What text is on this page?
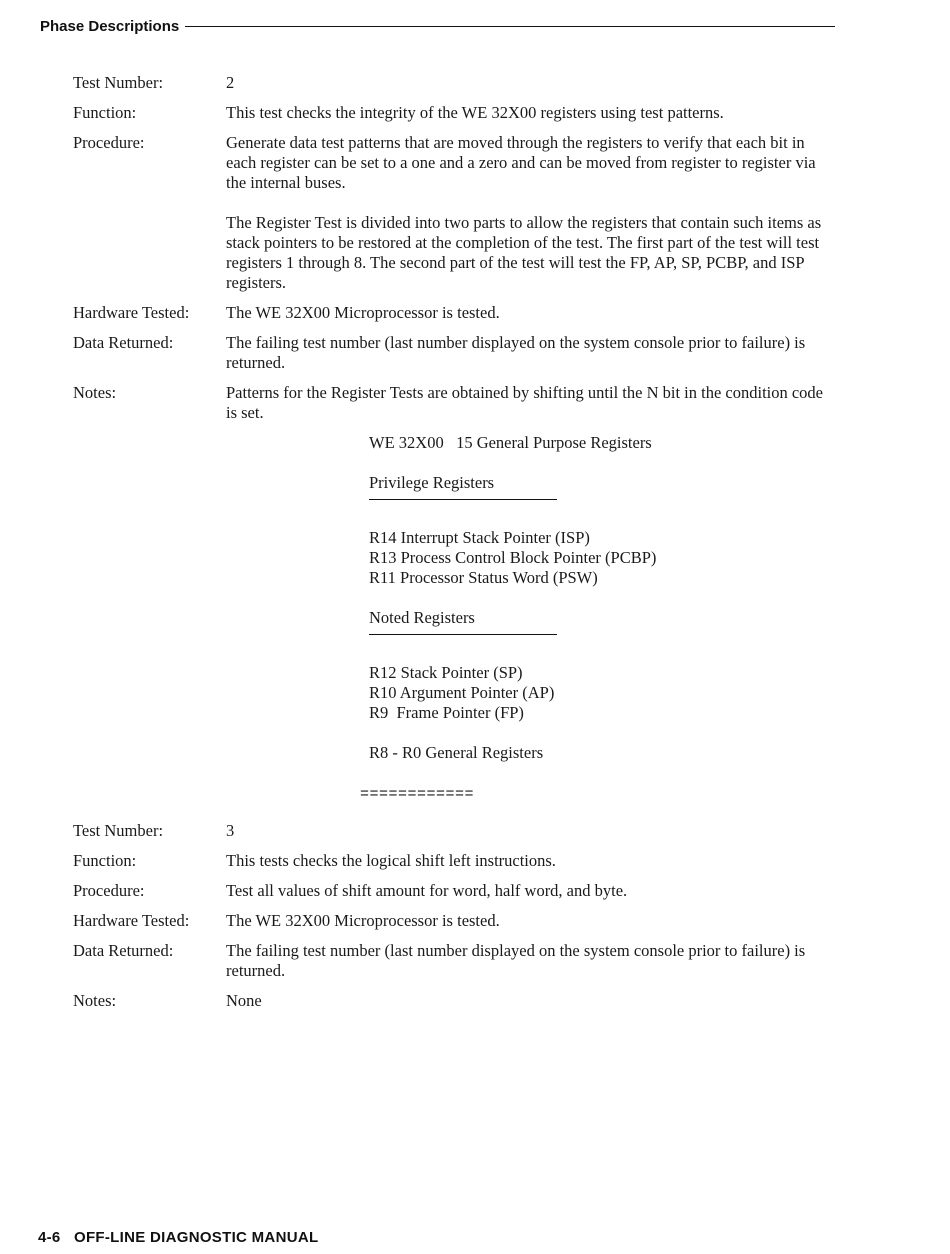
Phase Descriptions
Test Number:	2
Function:	This test checks the integrity of the WE 32X00 registers using test patterns.
Procedure:	Generate data test patterns that are moved through the registers to verify that each bit in each register can be set to a one and a zero and can be moved from register to register via the internal buses.

The Register Test is divided into two parts to allow the registers that contain such items as stack pointers to be restored at the completion of the test. The first part of the test will test registers 1 through 8. The second part of the test will test the FP, AP, SP, PCBP, and ISP registers.

Hardware Tested:	The WE 32X00 Microprocessor is tested.
Data Returned:	The failing test number (last number displayed on the system console prior to failure) is returned.
Notes:	Patterns for the Register Tests are obtained by shifting until the N bit in the condition code is set.
WE 32X00   15 General Purpose Registers
Privilege Registers
R14 Interrupt Stack Pointer (ISP)
R13 Process Control Block Pointer (PCBP)
R11 Processor Status Word (PSW)
Noted Registers
R12 Stack Pointer (SP)
R10 Argument Pointer (AP)
R9  Frame Pointer (FP)
R8 - R0 General Registers
============
Test Number:	3
Function:	This tests checks the logical shift left instructions.
Procedure:	Test all values of shift amount for word, half word, and byte.
Hardware Tested:	The WE 32X00 Microprocessor is tested.
Data Returned:	The failing test number (last number displayed on the system console prior to failure) is returned.
Notes:	None
4-6   OFF-LINE DIAGNOSTIC MANUAL
